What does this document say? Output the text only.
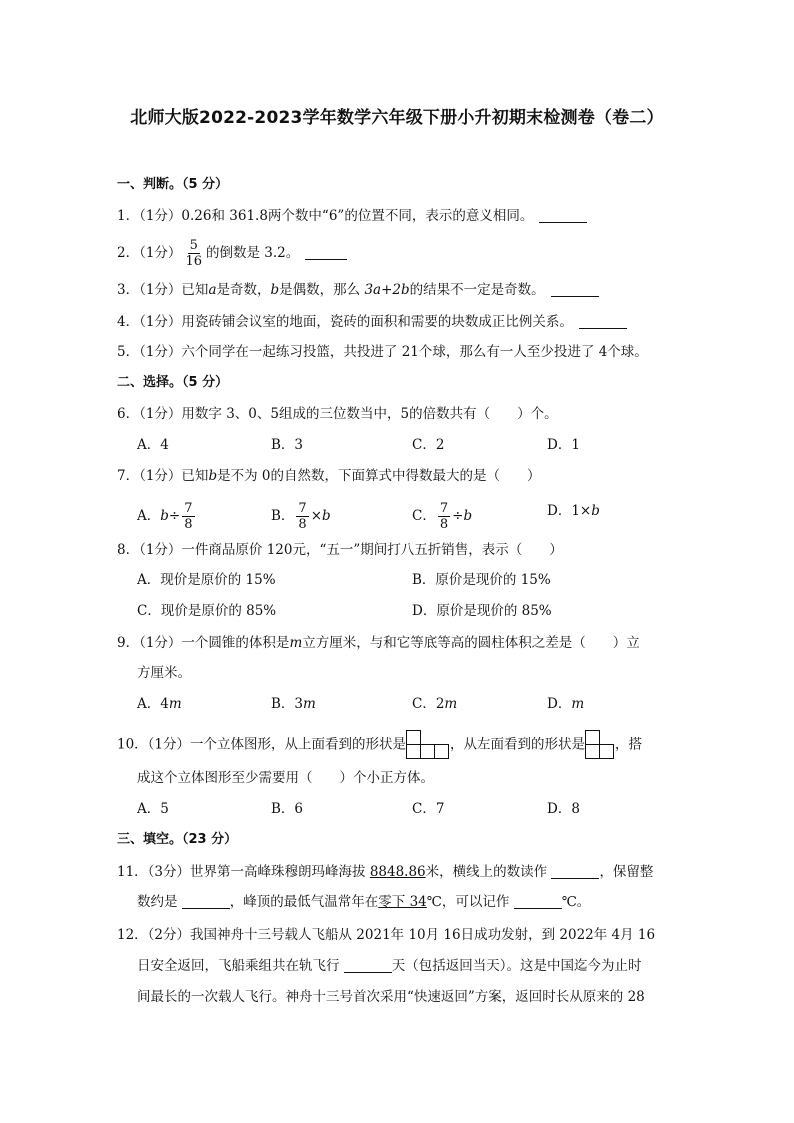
北师大版2022-2023学年数学六年级下册小升初期末检测卷（卷二）
一、判断。（5 分）
1．（1分）0.26和 361.8两个数中“6”的位置不同，表示的意义相同。
2．（1分） $\frac{5}{16}$ 的倒数是 3.2。
3．（1分）已知a是奇数，b是偶数，那么 3a+2b的结果不一定是奇数。
4．（1分）用瓷砖铺会议室的地面，瓷砖的面积和需要的块数成正比例关系。
5．（1分）六个同学在一起练习投篮，共投进了 21个球，那么有一人至少投进了 4个球。
二、选择。（5 分）
6．（1分）用数字 3、0、5组成的三位数当中，5的倍数共有（　　）个。
A．4	B．3	C．2	D．1
7．（1分）已知b是不为 0的自然数，下面算式中得数最大的是（　　）
A．$b\div \frac{7}{8}$	B． $\frac{7}{8} \times b$	C． $\frac{7}{8} \div b$	D．1×b
8．（1分）一件商品原价 120元，“五一”期间打八五折销售，表示（　　）
A．现价是原价的 15%	B．原价是现价的 15%
C．现价是原价的 85%	D．原价是现价的 85%
9．（1分）一个圆锥的体积是m立方厘米，与和它等底等高的圆柱体积之差是（　　）立
方厘米。
A．4m	B．3m	C．2m	D．m
10．（1分）一个立体图形，从上面看到的形状是	，从左面看到的形状是 ，搭
成这个立体图形至少需要用（　　）个小正方体。
A．5	B．6	C．7	D．8
三、填空。（23 分）
11．（3分）世界第一高峰珠穆朗玛峰海拔 8848.86米，横线上的数读作	，保留整
数约是	，峰顶的最低气温常年在零下 34℃，可以记作	℃。
12．（2分）我国神舟十三号载人飞船从 2021年 10月 16日成功发射，到 2022年 4月 16
日安全返回，飞船乘组共在轨飞行	天（包括返回当天）。这是中国迄今为止时
间最长的一次载人飞行。神舟十三号首次采用“快速返回”方案，返回时长从原来的 28
